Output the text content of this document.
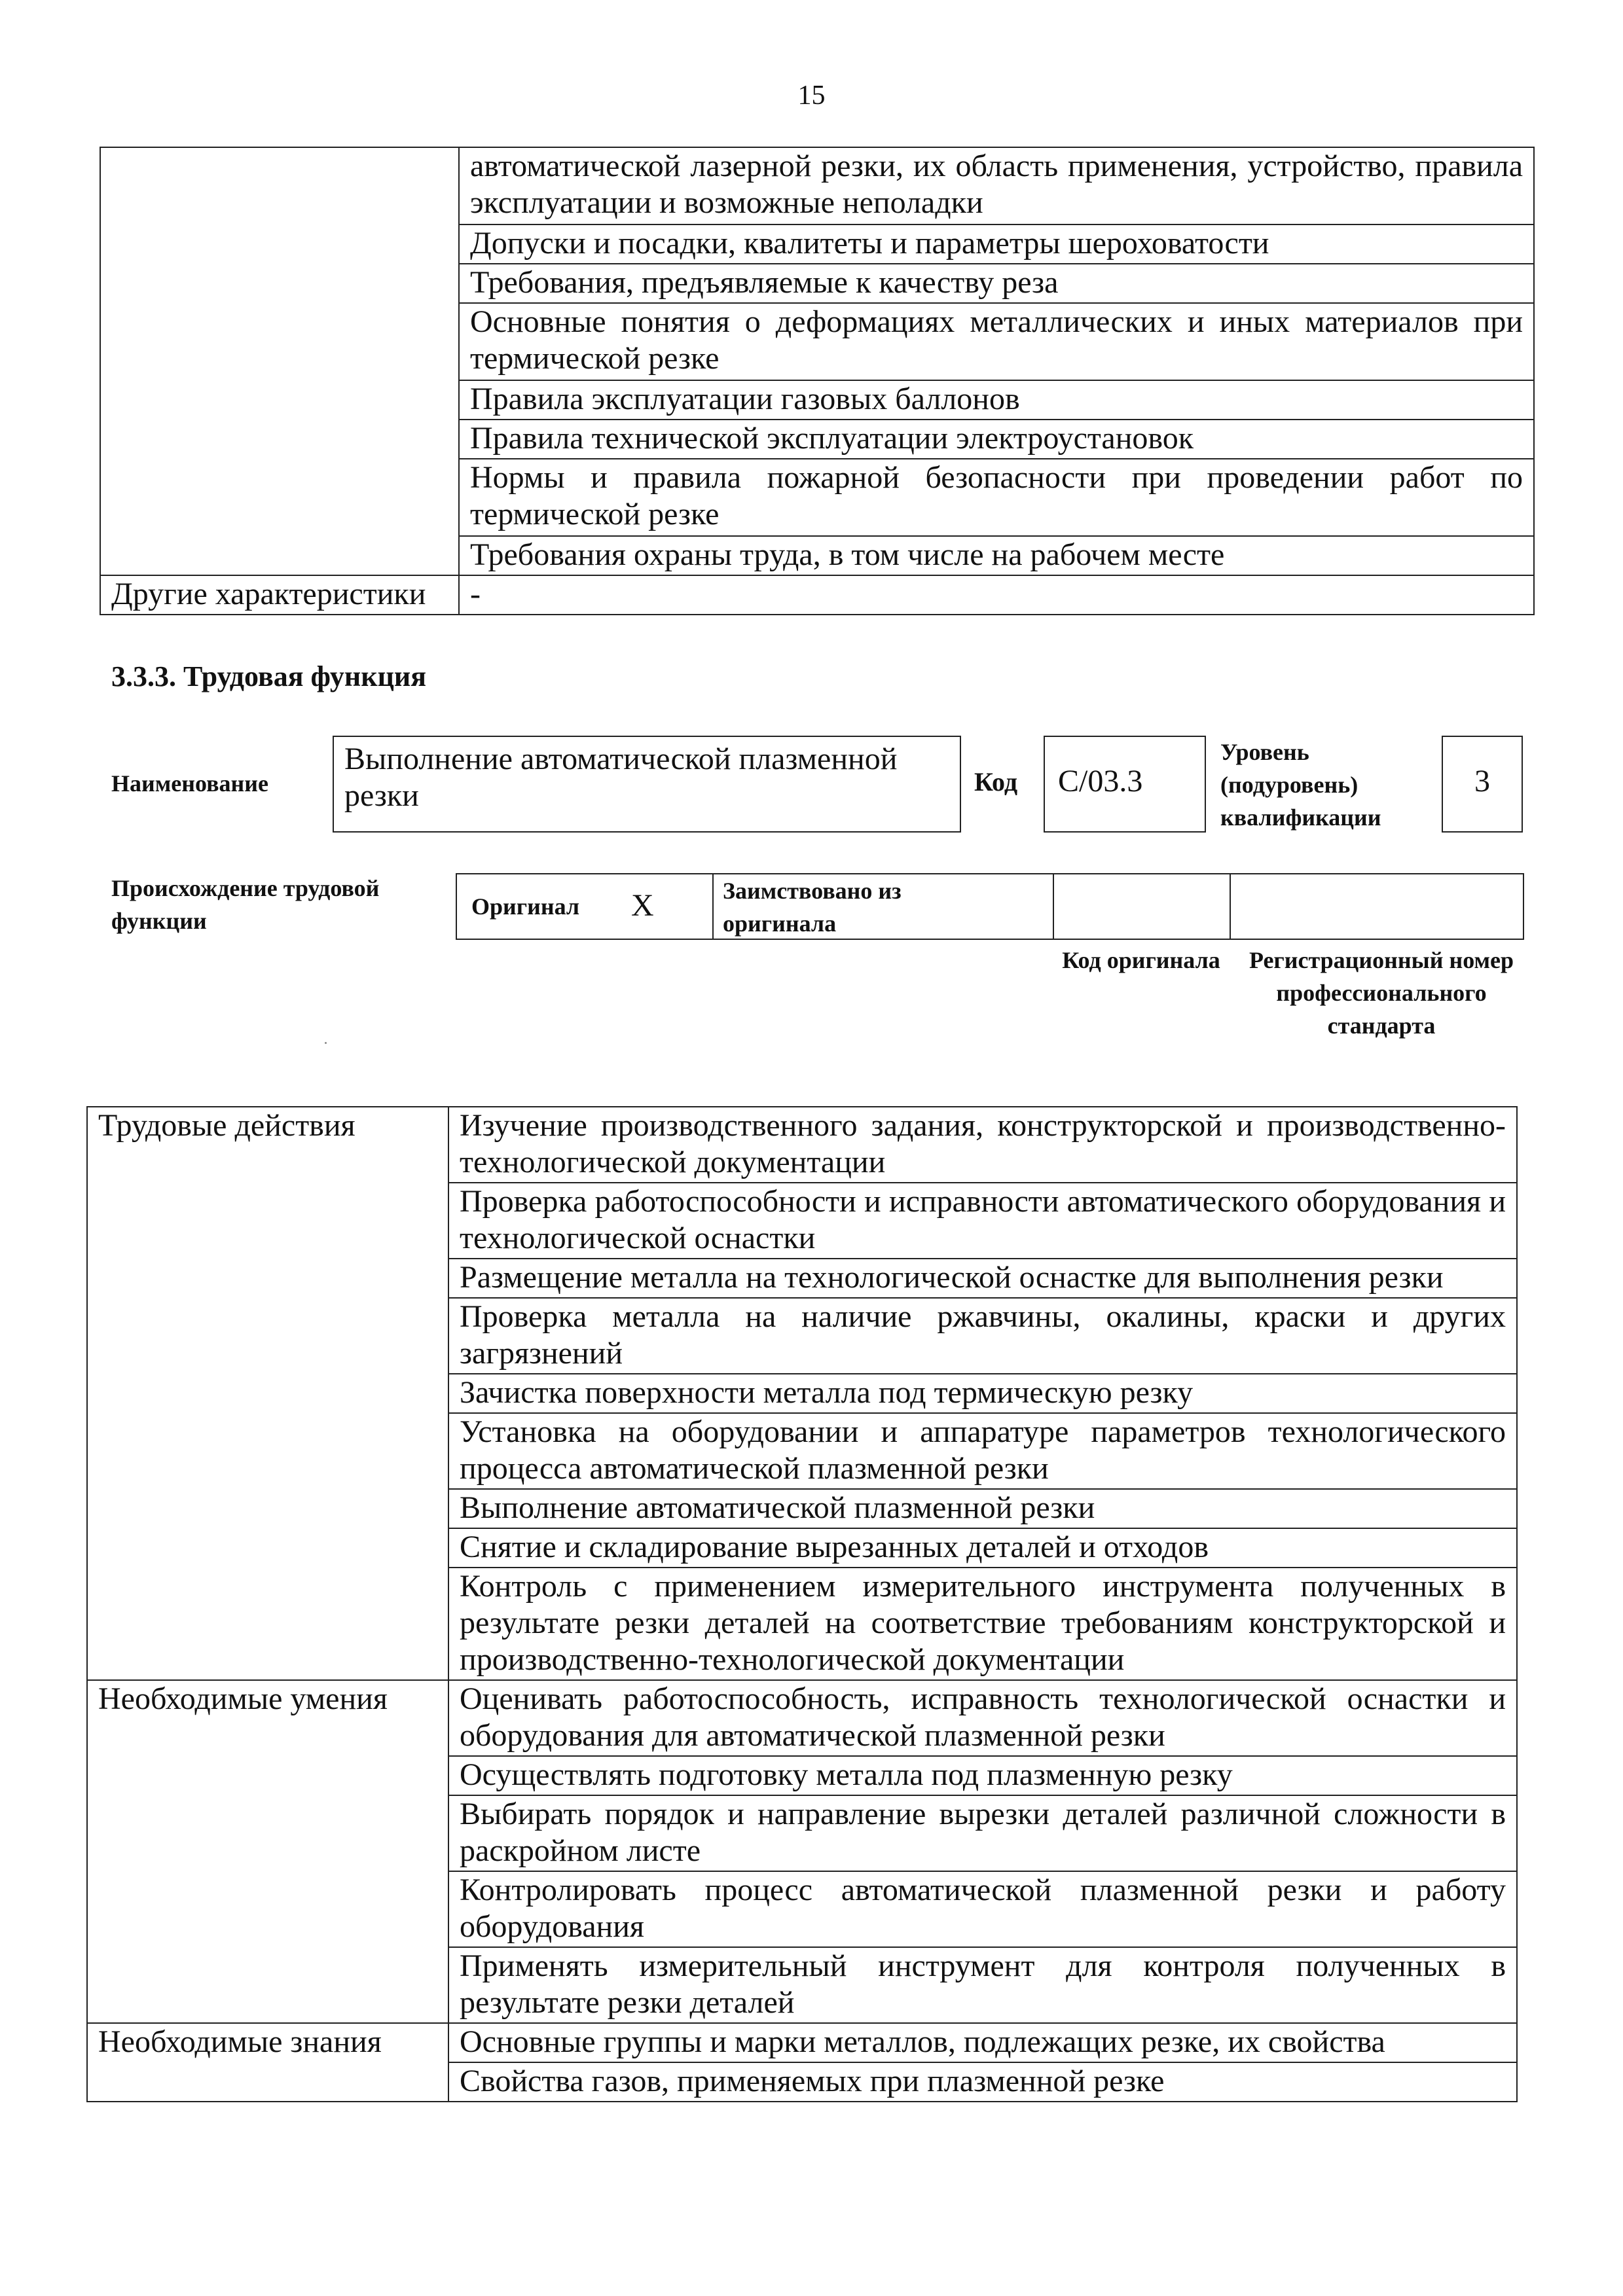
15
	автоматической лазерной резки, их область применения, устройство, правила эксплуатации и возможные неполадки
	Допуски и посадки, квалитеты и параметры шероховатости
	Требования, предъявляемые к качеству реза
	Основные понятия о деформациях металлических и иных материалов при термической резке
	Правила эксплуатации газовых баллонов
	Правила технической эксплуатации электроустановок
	Нормы и правила пожарной безопасности при проведении работ по термической резке
	Требования охраны труда, в том числе на рабочем месте
Другие характеристики	-
3.3.3. Трудовая функция
Наименование
Выполнение автоматической плазменной резки	Код C/03.3
Уровень (подуровень) квалификации
3
Происхождение трудовой функции
Оригинал X	Заимствовано из оригинала
Код оригинала	Регистрационный номер профессионального стандарта
Трудовые действия	Изучение производственного задания, конструкторской и производственно-технологической документации
	Проверка работоспособности и исправности автоматического оборудования и технологической оснастки
	Размещение металла на технологической оснастке для выполнения резки
	Проверка металла на наличие ржавчины, окалины, краски и других загрязнений
	Зачистка поверхности металла под термическую резку
	Установка на оборудовании и аппаратуре параметров технологического процесса автоматической плазменной резки
	Выполнение автоматической плазменной резки
	Снятие и складирование вырезанных деталей и отходов
	Контроль с применением измерительного инструмента полученных в результате резки деталей на соответствие требованиям конструкторской и производственно-технологической документации
Необходимые умения	Оценивать работоспособность, исправность технологической оснастки и оборудования для автоматической плазменной резки
	Осуществлять подготовку металла под плазменную резку
	Выбирать порядок и направление вырезки деталей различной сложности в раскройном листе
	Контролировать процесс автоматической плазменной резки и работу оборудования
	Применять измерительный инструмент для контроля полученных в результате резки деталей
Необходимые знания	Основные группы и марки металлов, подлежащих резке, их свойства
	Свойства газов, применяемых при плазменной резке
